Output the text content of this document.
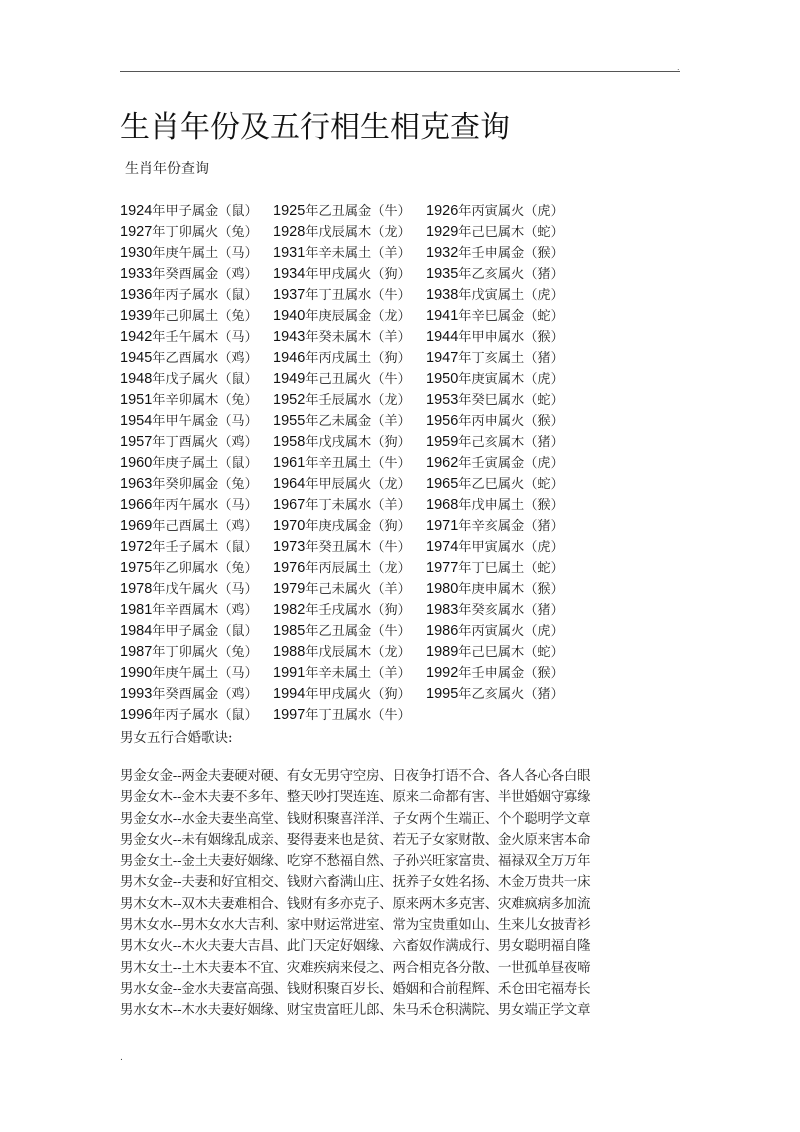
.
生肖年份及五行相生相克查询
生肖年份查询
1924年甲子属金（鼠） 1925年乙丑属金（牛） 1926年丙寅属火（虎）
1927年丁卯属火（兔） 1928年戊辰属木（龙） 1929年己巳属木（蛇）
1930年庚午属土（马） 1931年辛未属土（羊） 1932年壬申属金（猴）
1933年癸酉属金（鸡） 1934年甲戌属火（狗） 1935年乙亥属火（猪）
1936年丙子属水（鼠） 1937年丁丑属水（牛） 1938年戊寅属土（虎）
1939年己卯属土（兔） 1940年庚辰属金（龙） 1941年辛巳属金（蛇）
1942年壬午属木（马） 1943年癸未属木（羊） 1944年甲申属水（猴）
1945年乙酉属水（鸡） 1946年丙戌属土（狗） 1947年丁亥属土（猪）
1948年戊子属火（鼠） 1949年己丑属火（牛） 1950年庚寅属木（虎）
1951年辛卯属木（兔） 1952年壬辰属水（龙） 1953年癸巳属水（蛇）
1954年甲午属金（马） 1955年乙未属金（羊） 1956年丙申属火（猴）
1957年丁酉属火（鸡） 1958年戊戌属木（狗） 1959年己亥属木（猪）
1960年庚子属土（鼠） 1961年辛丑属土（牛） 1962年壬寅属金（虎）
1963年癸卯属金（兔） 1964年甲辰属火（龙） 1965年乙巳属火（蛇）
1966年丙午属水（马） 1967年丁未属水（羊） 1968年戊申属土（猴）
1969年己酉属土（鸡） 1970年庚戌属金（狗） 1971年辛亥属金（猪）
1972年壬子属木（鼠） 1973年癸丑属木（牛） 1974年甲寅属水（虎）
1975年乙卯属水（兔） 1976年丙辰属土（龙） 1977年丁巳属土（蛇）
1978年戊午属火（马） 1979年己未属火（羊） 1980年庚申属木（猴）
1981年辛酉属木（鸡） 1982年壬戌属水（狗） 1983年癸亥属水（猪）
1984年甲子属金（鼠） 1985年乙丑属金（牛） 1986年丙寅属火（虎）
1987年丁卯属火（兔） 1988年戊辰属木（龙） 1989年己巳属木（蛇）
1990年庚午属土（马） 1991年辛未属土（羊） 1992年壬申属金（猴）
1993年癸酉属金（鸡） 1994年甲戌属火（狗） 1995年乙亥属火（猪）
1996年丙子属水（鼠） 1997年丁丑属水（牛）
男女五行合婚歌诀:
男金女金--两金夫妻硬对硬、有女无男守空房、日夜争打语不合、各人各心各白眼
男金女木--金木夫妻不多年、整天吵打哭连连、原来二命都有害、半世婚姻守寡缘
男金女水--水金夫妻坐高堂、钱财积聚喜洋洋、子女两个生端正、个个聪明学文章
男金女火--未有姻缘乱成亲、娶得妻来也是贫、若无子女家财散、金火原来害本命
男金女土--金土夫妻好姻缘、吃穿不愁福自然、子孙兴旺家富贵、福禄双全万万年
男木女金--夫妻和好宜相交、钱财六畜满山庄、抚养子女姓名扬、木金万贵共一床
男木女木--双木夫妻难相合、钱财有多亦克子、原来两木多克害、灾难疯病多加流
男木女水--男木女水大吉利、家中财运常进室、常为宝贵重如山、生来儿女披青衫
男木女火--木火夫妻大吉昌、此门天定好姻缘、六畜奴作满成行、男女聪明福自隆
男木女土--土木夫妻本不宜、灾难疾病来侵之、两合相克各分散、一世孤单昼夜啼
男水女金--金水夫妻富高强、钱财积聚百岁长、婚姻和合前程辉、禾仓田宅福寿长
男水女木--木水夫妻好姻缘、财宝贵富旺儿郎、朱马禾仓积满院、男女端正学文章
.
